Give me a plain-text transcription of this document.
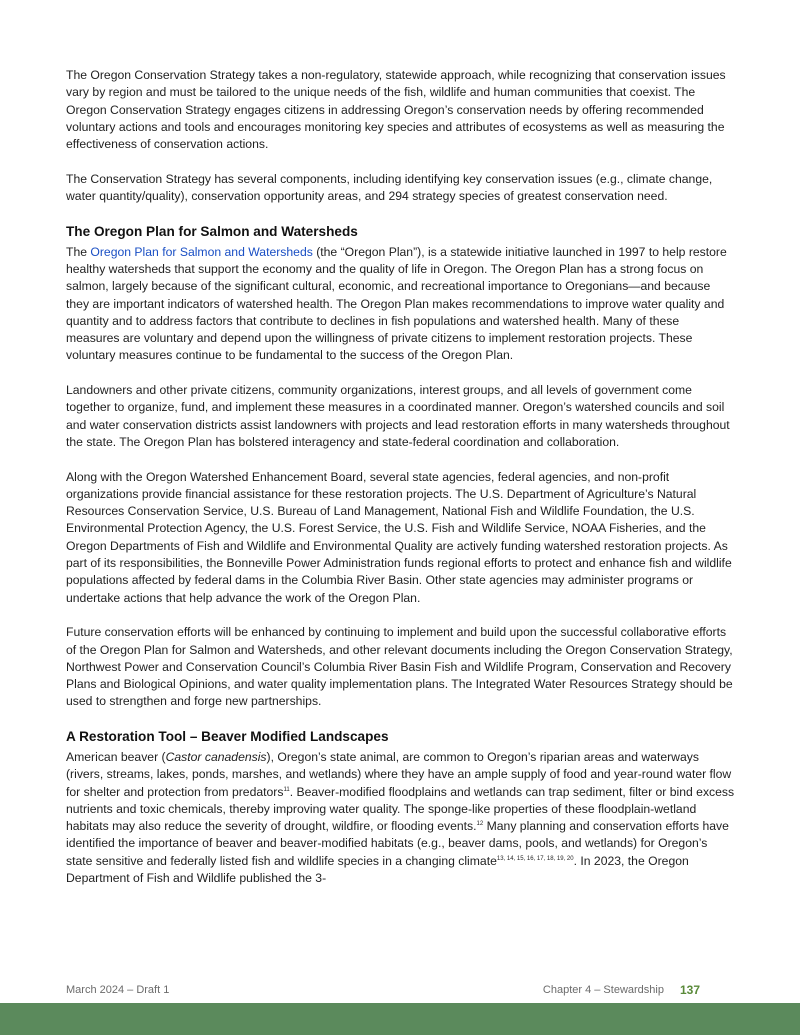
The Oregon Conservation Strategy takes a non-regulatory, statewide approach, while recognizing that conservation issues vary by region and must be tailored to the unique needs of the fish, wildlife and human communities that coexist. The Oregon Conservation Strategy engages citizens in addressing Oregon’s conservation needs by offering recommended voluntary actions and tools and encourages monitoring key species and attributes of ecosystems as well as measuring the effectiveness of conservation actions.

The Conservation Strategy has several components, including identifying key conservation issues (e.g., climate change, water quantity/quality), conservation opportunity areas, and 294 strategy species of greatest conservation need.

The Oregon Plan for Salmon and Watersheds

The Oregon Plan for Salmon and Watersheds (the “Oregon Plan”), is a statewide initiative launched in 1997 to help restore healthy watersheds that support the economy and the quality of life in Oregon. The Oregon Plan has a strong focus on salmon, largely because of the significant cultural, economic, and recreational importance to Oregonians—and because they are important indicators of watershed health. The Oregon Plan makes recommendations to improve water quality and quantity and to address factors that contribute to declines in fish populations and watershed health. Many of these measures are voluntary and depend upon the willingness of private citizens to implement restoration projects. These voluntary measures continue to be fundamental to the success of the Oregon Plan.

Landowners and other private citizens, community organizations, interest groups, and all levels of government come together to organize, fund, and implement these measures in a coordinated manner. Oregon’s watershed councils and soil and water conservation districts assist landowners with projects and lead restoration efforts in many watersheds throughout the state. The Oregon Plan has bolstered interagency and state-federal coordination and collaboration.

Along with the Oregon Watershed Enhancement Board, several state agencies, federal agencies, and non-profit organizations provide financial assistance for these restoration projects. The U.S. Department of Agriculture’s Natural Resources Conservation Service, U.S. Bureau of Land Management, National Fish and Wildlife Foundation, the U.S. Environmental Protection Agency, the U.S. Forest Service, the U.S. Fish and Wildlife Service, NOAA Fisheries, and the Oregon Departments of Fish and Wildlife and Environmental Quality are actively funding watershed restoration projects. As part of its responsibilities, the Bonneville Power Administration funds regional efforts to protect and enhance fish and wildlife populations affected by federal dams in the Columbia River Basin. Other state agencies may administer programs or undertake actions that help advance the work of the Oregon Plan.

Future conservation efforts will be enhanced by continuing to implement and build upon the successful collaborative efforts of the Oregon Plan for Salmon and Watersheds, and other relevant documents including the Oregon Conservation Strategy, Northwest Power and Conservation Council’s Columbia River Basin Fish and Wildlife Program, Conservation and Recovery Plans and Biological Opinions, and water quality implementation plans. The Integrated Water Resources Strategy should be used to strengthen and forge new partnerships.

A Restoration Tool – Beaver Modified Landscapes

American beaver (Castor canadensis), Oregon’s state animal, are common to Oregon’s riparian areas and waterways (rivers, streams, lakes, ponds, marshes, and wetlands) where they have an ample supply of food and year-round water flow for shelter and protection from predators$^{11}$. Beaver-modified floodplains and wetlands can trap sediment, filter or bind excess nutrients and toxic chemicals, thereby improving water quality. The sponge-like properties of these floodplain-wetland habitats may also reduce the severity of drought, wildfire, or flooding events.$^{12}$ Many planning and conservation efforts have identified the importance of beaver and beaver-modified habitats (e.g., beaver dams, pools, and wetlands) for Oregon’s state sensitive and federally listed fish and wildlife species in a changing climate$^{13, 14, 15, 16, 17, 18, 19, 20}$. In 2023, the Oregon Department of Fish and Wildlife published the 3-

March 2024 – Draft 1	Chapter 4 – Stewardship 137
